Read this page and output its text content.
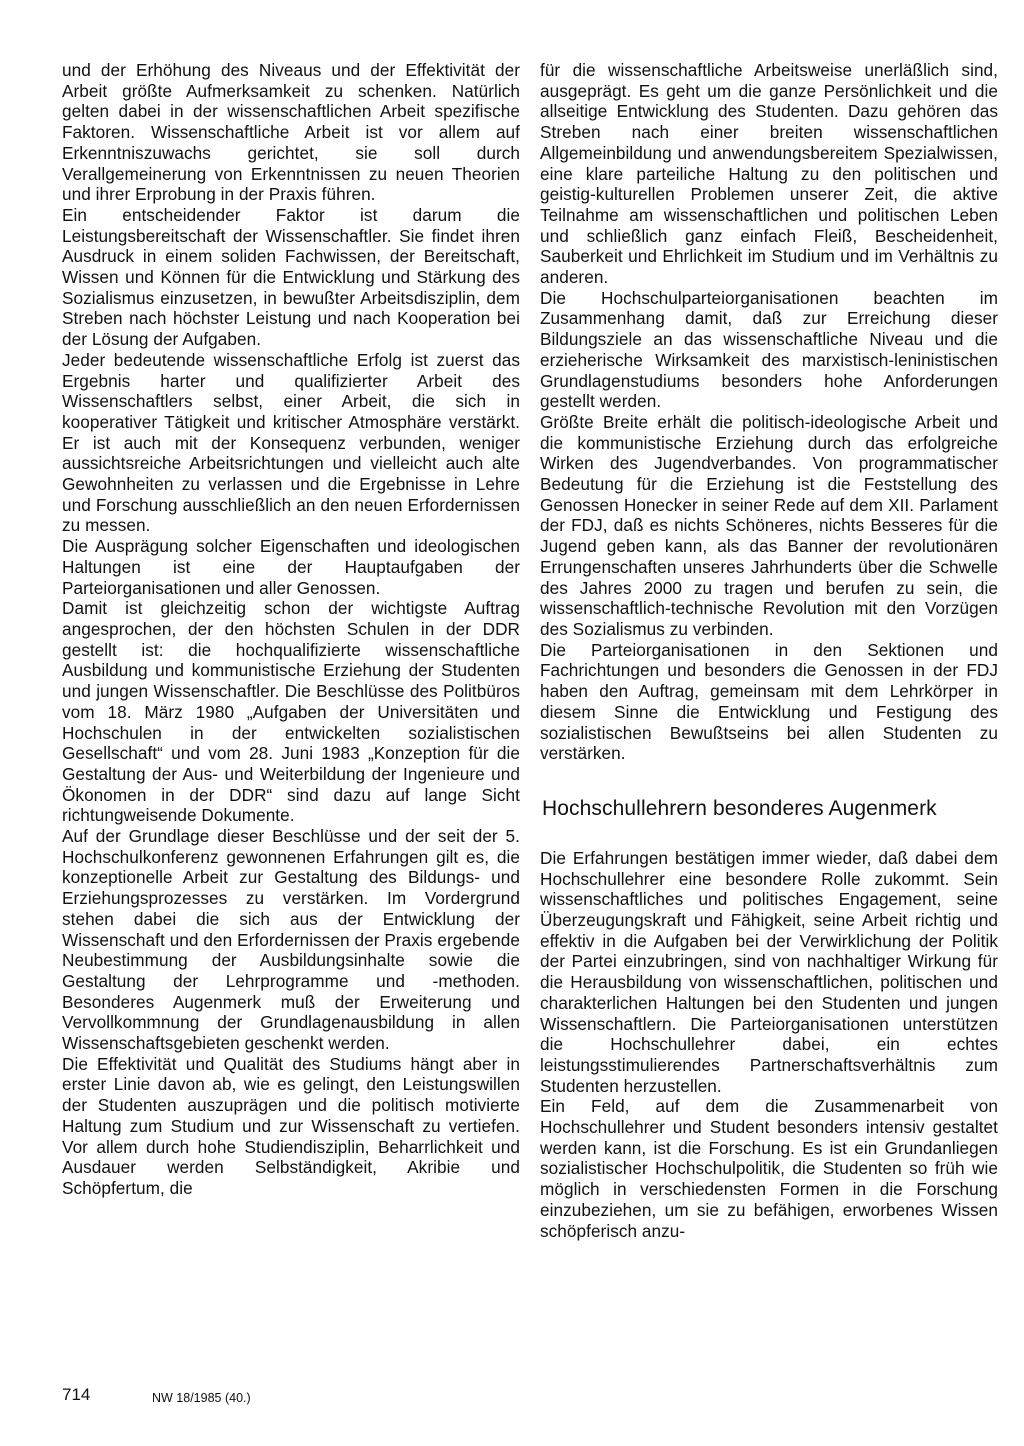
und der Erhöhung des Niveaus und der Effektivität der Arbeit größte Aufmerksamkeit zu schenken. Natürlich gelten dabei in der wissenschaftlichen Arbeit spezifische Faktoren. Wissenschaftliche Arbeit ist vor allem auf Erkenntniszuwachs gerichtet, sie soll durch Verallgemeinerung von Erkenntnissen zu neuen Theorien und ihrer Erprobung in der Praxis führen.

Ein entscheidender Faktor ist darum die Leistungsbereitschaft der Wissenschaftler. Sie findet ihren Ausdruck in einem soliden Fachwissen, der Bereitschaft, Wissen und Können für die Entwicklung und Stärkung des Sozialismus einzusetzen, in bewußter Arbeitsdisziplin, dem Streben nach höchster Leistung und nach Kooperation bei der Lösung der Aufgaben.

Jeder bedeutende wissenschaftliche Erfolg ist zuerst das Ergebnis harter und qualifizierter Arbeit des Wissenschaftlers selbst, einer Arbeit, die sich in kooperativer Tätigkeit und kritischer Atmosphäre verstärkt. Er ist auch mit der Konsequenz verbunden, weniger aussichtsreiche Arbeitsrichtungen und vielleicht auch alte Gewohnheiten zu verlassen und die Ergebnisse in Lehre und Forschung ausschließlich an den neuen Erfordernissen zu messen.

Die Ausprägung solcher Eigenschaften und ideologischen Haltungen ist eine der Hauptaufgaben der Parteiorganisationen und aller Genossen.

Damit ist gleichzeitig schon der wichtigste Auftrag angesprochen, der den höchsten Schulen in der DDR gestellt ist: die hochqualifizierte wissenschaftliche Ausbildung und kommunistische Erziehung der Studenten und jungen Wissenschaftler. Die Beschlüsse des Politbüros vom 18. März 1980 „Aufgaben der Universitäten und Hochschulen in der entwickelten sozialistischen Gesellschaft“ und vom 28. Juni 1983 „Konzeption für die Gestaltung der Aus- und Weiterbildung der Ingenieure und Ökonomen in der DDR“ sind dazu auf lange Sicht richtungweisende Dokumente.

Auf der Grundlage dieser Beschlüsse und der seit der 5. Hochschulkonferenz gewonnenen Erfahrungen gilt es, die konzeptionelle Arbeit zur Gestaltung des Bildungs- und Erziehungsprozesses zu verstärken. Im Vordergrund stehen dabei die sich aus der Entwicklung der Wissenschaft und den Erfordernissen der Praxis ergebende Neubestimmung der Ausbildungsinhalte sowie die Gestaltung der Lehrprogramme und -methoden. Besonderes Augenmerk muß der Erweiterung und Vervollkommnung der Grundlagenausbildung in allen Wissenschaftsgebieten geschenkt werden.

Die Effektivität und Qualität des Studiums hängt aber in erster Linie davon ab, wie es gelingt, den Leistungswillen der Studenten auszuprägen und die politisch motivierte Haltung zum Studium und zur Wissenschaft zu vertiefen. Vor allem durch hohe Studiendisziplin, Beharrlichkeit und Ausdauer werden Selbständigkeit, Akribie und Schöpfertum, die

für die wissenschaftliche Arbeitsweise unerläßlich sind, ausgeprägt. Es geht um die ganze Persönlichkeit und die allseitige Entwicklung des Studenten. Dazu gehören das Streben nach einer breiten wissenschaftlichen Allgemeinbildung und anwendungsbereitem Spezialwissen, eine klare parteiliche Haltung zu den politischen und geistig-kulturellen Problemen unserer Zeit, die aktive Teilnahme am wissenschaftlichen und politischen Leben und schließlich ganz einfach Fleiß, Bescheidenheit, Sauberkeit und Ehrlichkeit im Studium und im Verhältnis zu anderen.

Die Hochschulparteiorganisationen beachten im Zusammenhang damit, daß zur Erreichung dieser Bildungsziele an das wissenschaftliche Niveau und die erzieherische Wirksamkeit des marxistisch-leninistischen Grundlagenstudiums besonders hohe Anforderungen gestellt werden.

Größte Breite erhält die politisch-ideologische Arbeit und die kommunistische Erziehung durch das erfolgreiche Wirken des Jugendverbandes. Von programmatischer Bedeutung für die Erziehung ist die Feststellung des Genossen Honecker in seiner Rede auf dem XII. Parlament der FDJ, daß es nichts Schöneres, nichts Besseres für die Jugend geben kann, als das Banner der revolutionären Errungenschaften unseres Jahrhunderts über die Schwelle des Jahres 2000 zu tragen und berufen zu sein, die wissenschaftlich-technische Revolution mit den Vorzügen des Sozialismus zu verbinden.

Die Parteiorganisationen in den Sektionen und Fachrichtungen und besonders die Genossen in der FDJ haben den Auftrag, gemeinsam mit dem Lehrkörper in diesem Sinne die Entwicklung und Festigung des sozialistischen Bewußtseins bei allen Studenten zu verstärken.

Hochschullehrern besonderes Augenmerk

Die Erfahrungen bestätigen immer wieder, daß dabei dem Hochschullehrer eine besondere Rolle zukommt. Sein wissenschaftliches und politisches Engagement, seine Überzeugungskraft und Fähigkeit, seine Arbeit richtig und effektiv in die Aufgaben bei der Verwirklichung der Politik der Partei einzubringen, sind von nachhaltiger Wirkung für die Herausbildung von wissenschaftlichen, politischen und charakterlichen Haltungen bei den Studenten und jungen Wissenschaftlern. Die Parteiorganisationen unterstützen die Hochschullehrer dabei, ein echtes leistungsstimulierendes Partnerschaftsverhältnis zum Studenten herzustellen.

Ein Feld, auf dem die Zusammenarbeit von Hochschullehrer und Student besonders intensiv gestaltet werden kann, ist die Forschung. Es ist ein Grundanliegen sozialistischer Hochschulpolitik, die Studenten so früh wie möglich in verschiedensten Formen in die Forschung einzubeziehen, um sie zu befähigen, erworbenes Wissen schöpferisch anzu-

714	NW 18/1985 (40.)
